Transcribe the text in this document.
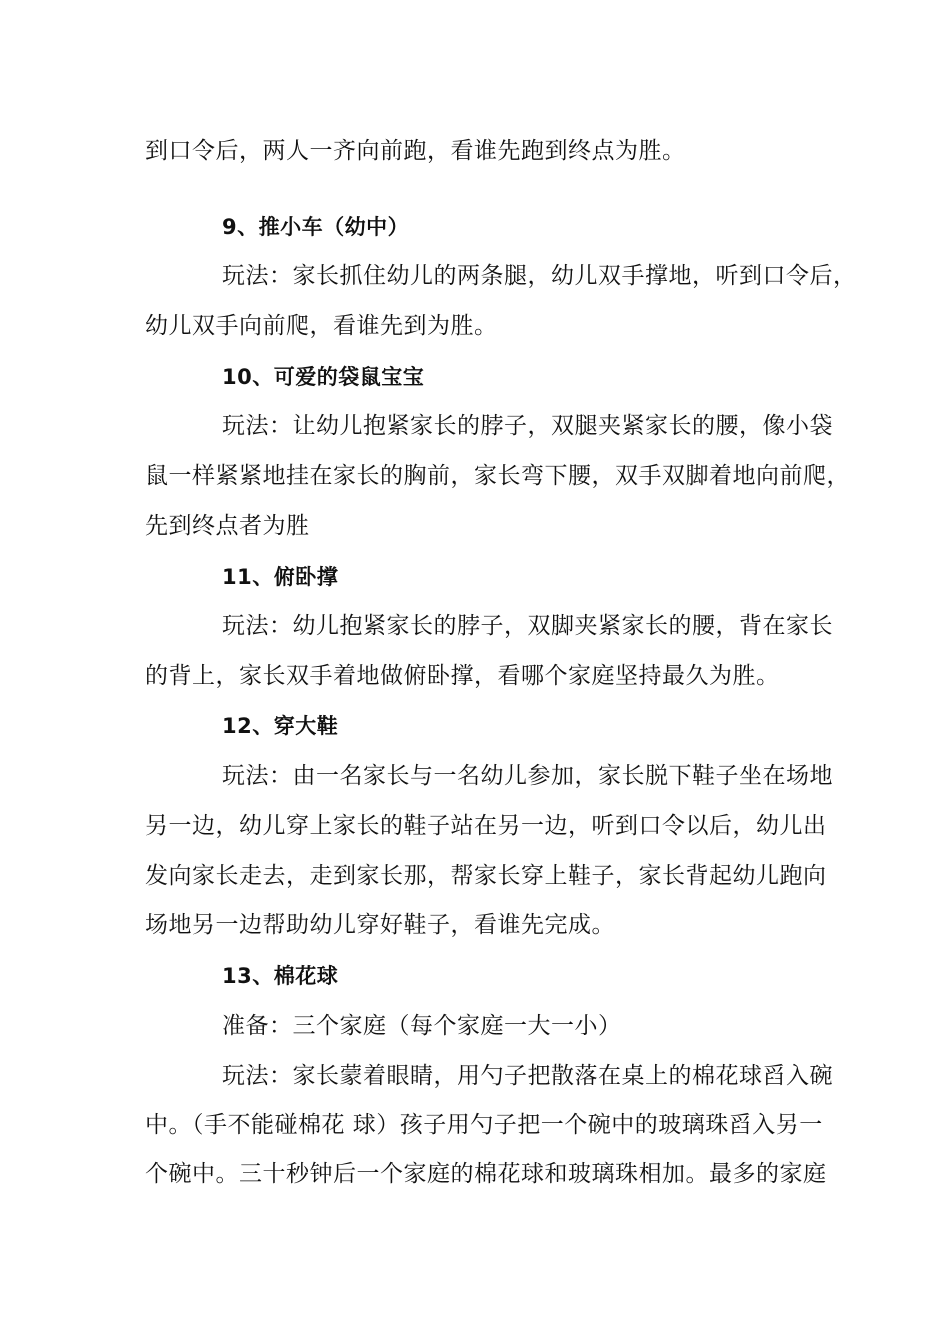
到口令后，两人一齐向前跑，看谁先跑到终点为胜。
9、推小车（幼中）
玩法：家长抓住幼儿的两条腿，幼儿双手撑地，听到口令后，
幼儿双手向前爬，看谁先到为胜。
10、可爱的袋鼠宝宝
玩法：让幼儿抱紧家长的脖子，双腿夹紧家长的腰，像小袋
鼠一样紧紧地挂在家长的胸前，家长弯下腰，双手双脚着地向前爬，
先到终点者为胜
11、俯卧撑
玩法：幼儿抱紧家长的脖子，双脚夹紧家长的腰，背在家长
的背上，家长双手着地做俯卧撑，看哪个家庭坚持最久为胜。
12、穿大鞋
玩法：由一名家长与一名幼儿参加，家长脱下鞋子坐在场地
另一边，幼儿穿上家长的鞋子站在另一边，听到口令以后，幼儿出
发向家长走去，走到家长那，帮家长穿上鞋子，家长背起幼儿跑向
场地另一边帮助幼儿穿好鞋子，看谁先完成。
13、棉花球
准备：三个家庭（每个家庭一大一小）
玩法：家长蒙着眼睛，用勺子把散落在桌上的棉花球舀入碗
中。（手不能碰棉花 球）孩子用勺子把一个碗中的玻璃珠舀入另一
个碗中。三十秒钟后一个家庭的棉花球和玻璃珠相加。最多的家庭
